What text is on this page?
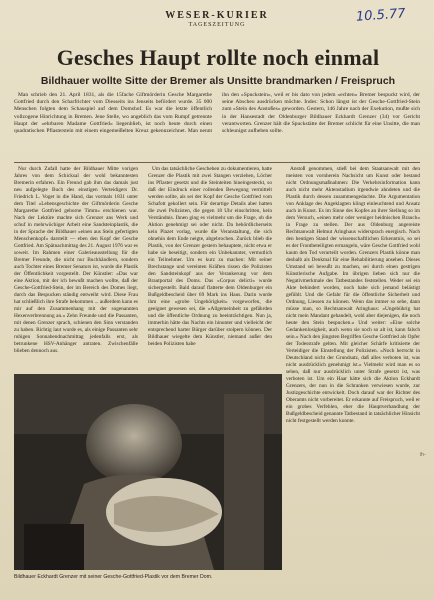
WESER-KURIER
TAGESZEITUNG
10.5.77
Gesches Haupt rollte noch einmal
Bildhauer wollte Sitte der Bremer als Unsitte brandmarken / Freispruch

Man schrieb den 21. April 1831, als die 15fache Giftmörderin Gesche Margarethe Gottfried durch den Scharfrichter vom Diesseits ins Jenseits befördert wurde. 35 000 Menschen folgten dem Schauspiel auf dem Domshof. Es war die letzte öffentlich vollzogene Hinrichtung in Bremen. Jene Stelle, wo angeblich das vom Rumpf getrennte Haupt der »ehrbaren Madame Gottfried« liegenblieb, ist noch heute durch einen quadratischen Pflasterstein mit einem eingemeißelten Kreuz gekennzeichnet. Man nennt ihn den »Spuckstein«, weil er bis dato von jedem »echten« Bremer bespuckt wird, der seine Abscheu ausdrücken möchte. Indes: Schon längst ist der Gesche-Gottfried-Stein zum »Stein des Anstoßes« geworden. Gestern, 146 Jahre nach der Exekution, mußte sich in der Hansestadt der Oldenburger Bildhauer Eckhardt Grenzer (34) vor Gericht verantworten. Grenzer hält die Spuckstätte der Bremer schlicht für eine Unsitte, die man schleunigst aufheben sollte.

Nur durch Zufall hatte der Bildhauer Mitte vorigen Jahres von dem Schicksal der wohl bekanntesten Bremerin erfahren. Ein Freund gab ihm das damals just neu aufgelegte Buch des einstigen Verteidigers Dr. Friedrich L. Voget in die Hand, das vormals 1831 unter dem Titel »Lebensgeschichte der Giftmörderin Gesche Margarethe Gottfried geborne Timm« erschienen war. Nach der Lektüre machte sich Grenzer ans Werk und schuf in mehrwöchiger Arbeit eine Sandsteinplastik, die in der Sprache der Bildhauer »einen aus Stein gefertigten Menschenkopf« darstellt — eben den Kopf der Gesche Gottfried. Am Spätnachmittag des 21. August 1976 war es soweit. Im Rahmen einer Galerieausstellung für die Bremer Freunde, die nicht nur Buchhändlern, sondern auch Tochter eines Bremer Senators ist, wurde die Plastik der Öffentlichkeit vorgestellt. Der Künstler: »Das war eine Aktion, mit der ich bewußt machen wollte, daß der Gesche-Gottfried-Stein, der im Bereich des Domes liegt, durch das Bespucken ständig entweiht wird. Diese Frau hat schließlich ihre Strafe bekommen ... außerdem kann es mir auf den Zusammenhang mit der sogenannten Hexenverbrennung an.« Zehn Freunde und die Passanten, mit denen Grenzer sprach, schienen den Sinn verstanden zu haben. Richtig laut wurde es, als einige Passanten sehr ruhigen Sonnabendnachmittag jedenfalls erst, als betrunkene HSV-Anhänger antraten. Zwischenfälle blieben dennoch aus.

Um das tatsächliche Geschehen zu dokumentieren, hatte Grenzer die Plastik mit zwei Stangen verziehen, Löcher ins Pflaster gesetzt und die Steinteiten hineingesteckt, so daß der Eindruck einer rollenden Bewegung vermittelt werden sollte, als sei der Kopf der Gesche Gottfried vom Schafott gekollert sein. Für derartige Details aber hatten die zwei Polizisten, die gegen 18 Uhr einschritten, kein Verständnis. Ihnen ging es vielmehr um die Frage, ob die Aktion genehmigt sei oder nicht. Da behördlicherseits kein Plazet vorlag, wurde die Veranstaltung, die sich ohnehin dem Ende neigte, abgebrochen. Zurück blieb die Plastik, von der Grenzer gestern behauptete, nicht etwa er habe sie beseitigt, sondern ein Unbekannter, vermutlich ein Teilnehmer. Um es kurz zu machen: Mit seiner Brechstange und vereinten Kräften rissen die Polizisten den Sandsteinkopf aus der Verankerung vor dem Brautportal des Doms. Das »Corpus delicti« wurde sichergestellt. Bald darauf flatterte dem Oldenburger ein Bußgeldbescheid über 69 Mark ins Haus. Darin wurde ihm eine »grobe Ungehörigkeit« vorgeworfen, die geeignet gewesen sei, die »Allgemeinheit zu gefährden und die öffentliche Ordnung zu beeinträchtigen. Nun ja, immerhin hätte das Nachts ein hinunter und vielleicht der entsprechend harter Bürger darüber stolpern können. Der Bildhauer wiegelte dem Künstler, niemand außer den beiden Polizisten habe

Anstoß genommen, stieß bei dem Staatsanwalt mit den meisten von vornherein Nachsicht um Kunst oder bestand nicht Ordnungsmaßnahmen: Die Verkehrsinformation kann auch nicht mehr Aktenstadium irgendwie ahndeten und die Plastik durch dessen zusammengedachte. Die Argumentation von Anklage des Angeklagten klingt einleuchtend und Ansatz auch in Kunst. Es im Sinne des Kopfes an ihrer Stellung so im dem Versuch, »einen mehr oder weniger heidnischen Brauch« in Frage zu stellen. Der aus Oldenburg angereiste Rechtsanwalt Helmut Aringhaus widersprach energisch. Nach den heutigen Stand der wissenschaftlichen Erkenntnis, so sei es der Frontbeteiligten ermangeln, wäre Gesche Gottfried wohl kaum den Tod verurteilt worden. Grenzers Plastik könne man deshalb als Denkmal für eine Rehabilitierung ansehen. Dieses Umstand sei bewußt zu machen, sei durch einen gestrigen Künstlerische Aufgabe. Im übrigen lieben sich nur die Negativmerkmale des Tatbestandes feststellen. Weder sei ein Akte behindert worden, noch habe sich jemand belästigt gefühlt. Und die Gefahr für die öffentliche Sicherheit und Ordnung, Liessen zu können. Wenn das immer so sehe, dann müsse man, so Rechtsanwalt Aringhaus: »Ungebührig hat nicht mein Mandant gehandelt, wohl aber diejenigen, die noch heute den Stein bespucken.« Und weiter: »Eine solche Gedankenlosigkeit, auch wenn sie noch so alt ist, kann falsch sein.« Nach den jüngsten Begriffen Gesche Gottfried als Opfer der Todesstrafe gelten. Mit gleicher Schärfe kritisierte der Verteidiger die Einstellung der Polizisten. »Noch herrscht in Deutschland nicht der Grundsatz, daß alles verboten ist, was nicht ausdrücklich genehmigt ist.« Vielmehr wird man es so sehen, daß nur ausdrücklich unter Strafe gesetzt ist, was verboten ist. Um ein Haar hätte sich die Aktion Eckhardt Grenzers, der nun in die Schranken verwiesen wurde, zur Justizgeschichte entwickelt. Doch darauf war der Richter des Oberamts nicht vorbereitet. Er erkannte auf Freispruch, weil er ein grobes Verfehlen, eher die Hauptverhandlung der Bußgeldbescheid genannte Tatbestand in tatsächlicher Hinsicht nicht festgestellt werden konnte.

Bildhauer Eckhardt Grenzer mit seiner Gesche-Gottfried-Plastik vor dem Bremer Dom.
ih-
